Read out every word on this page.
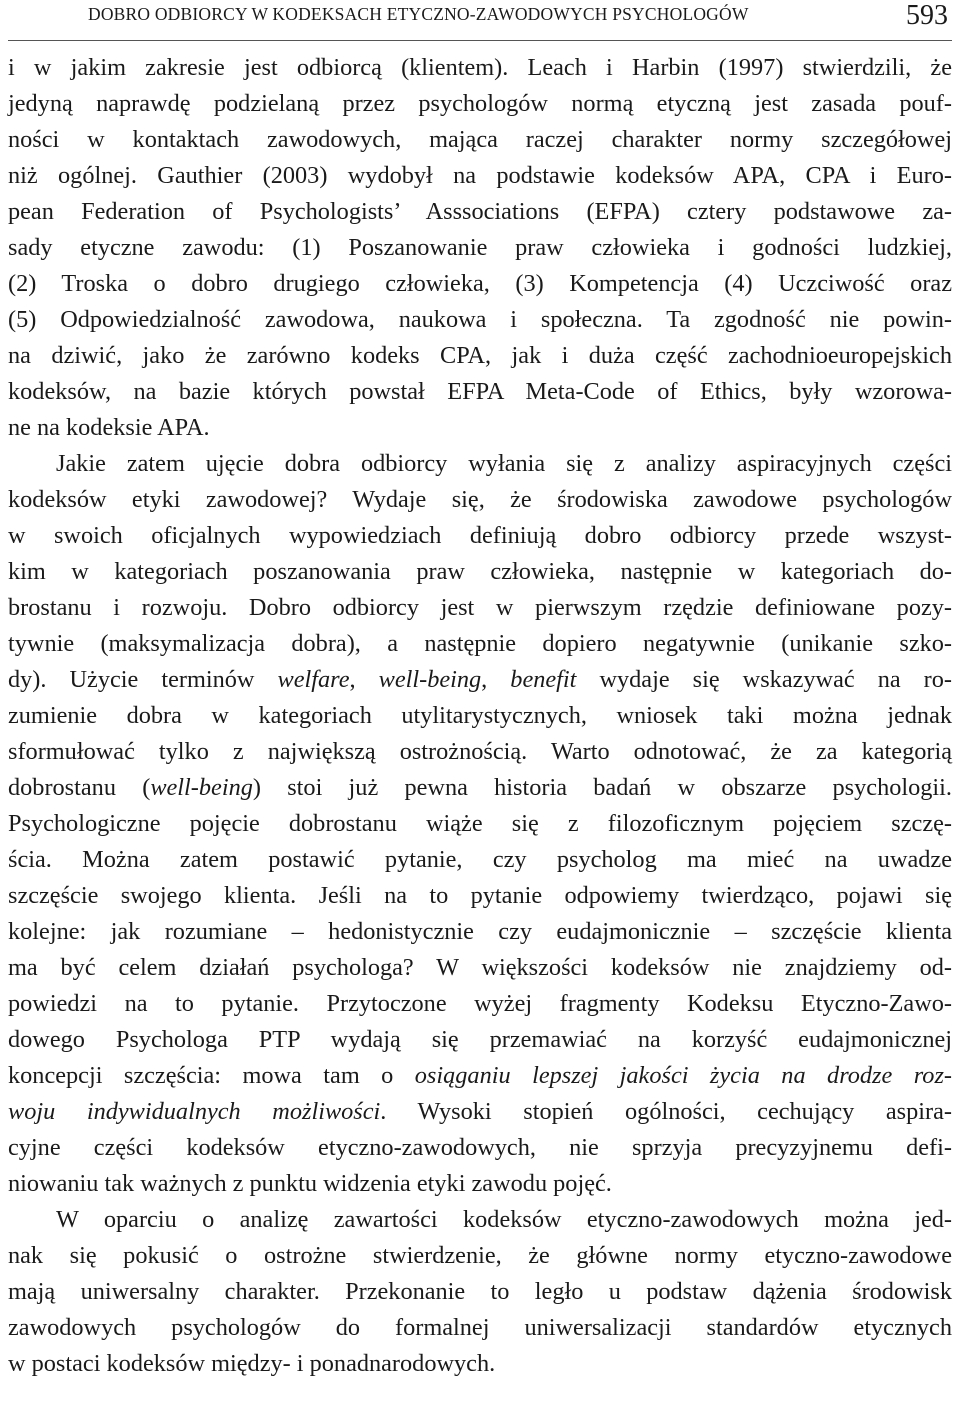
DOBRO ODBIORCY W KODEKSACH ETYCZNO-ZAWODOWYCH PSYCHOLOGÓW	593
i w jakim zakresie jest odbiorcą (klientem). Leach i Harbin (1997) stwierdzili, że
jedyną naprawdę podzielaną przez psychologów normą etyczną jest zasada pouf-
ności w kontaktach zawodowych, mająca raczej charakter normy szczegółowej
niż ogólnej. Gauthier (2003) wydobył na podstawie kodeksów APA, CPA i Euro-
pean Federation of Psychologists’ Asssociations (EFPA) cztery podstawowe za-
sady etyczne zawodu: (1) Poszanowanie praw człowieka i godności ludzkiej,
(2) Troska o dobro drugiego człowieka, (3) Kompetencja (4) Uczciwość oraz
(5) Odpowiedzialność zawodowa, naukowa i społeczna. Ta zgodność nie powin-
na dziwić, jako że zarówno kodeks CPA, jak i duża część zachodnioeuropejskich
kodeksów, na bazie których powstał EFPA Meta-Code of Ethics, były wzorowa-
ne na kodeksie APA.
Jakie zatem ujęcie dobra odbiorcy wyłania się z analizy aspiracyjnych części
kodeksów etyki zawodowej? Wydaje się, że środowiska zawodowe psychologów
w swoich oficjalnych wypowiedziach definiują dobro odbiorcy przede wszyst-
kim w kategoriach poszanowania praw człowieka, następnie w kategoriach do-
brostanu i rozwoju. Dobro odbiorcy jest w pierwszym rzędzie definiowane pozy-
tywnie (maksymalizacja dobra), a następnie dopiero negatywnie (unikanie szko-
dy). Użycie terminów welfare, well-being, benefit wydaje się wskazywać na ro-
zumienie dobra w kategoriach utylitarystycznych, wniosek taki można jednak
sformułować tylko z największą ostrożnością. Warto odnotować, że za kategorią
dobrostanu (well-being) stoi już pewna historia badań w obszarze psychologii.
Psychologiczne pojęcie dobrostanu wiąże się z filozoficznym pojęciem szczę-
ścia. Można zatem postawić pytanie, czy psycholog ma mieć na uwadze
szczęście swojego klienta. Jeśli na to pytanie odpowiemy twierdząco, pojawi się
kolejne: jak rozumiane – hedonistycznie czy eudajmonicznie – szczęście klienta
ma być celem działań psychologa? W większości kodeksów nie znajdziemy od-
powiedzi na to pytanie. Przytoczone wyżej fragmenty Kodeksu Etyczno-Zawo-
dowego Psychologa PTP wydają się przemawiać na korzyść eudajmonicznej
koncepcji szczęścia: mowa tam o osiąganiu lepszej jakości życia na drodze roz-
woju indywidualnych możliwości. Wysoki stopień ogólności, cechujący aspira-
cyjne części kodeksów etyczno-zawodowych, nie sprzyja precyzyjnemu defi-
niowaniu tak ważnych z punktu widzenia etyki zawodu pojęć.
W oparciu o analizę zawartości kodeksów etyczno-zawodowych można jed-
nak się pokusić o ostrożne stwierdzenie, że główne normy etyczno-zawodowe
mają uniwersalny charakter. Przekonanie to legło u podstaw dążenia środowisk
zawodowych psychologów do formalnej uniwersalizacji standardów etycznych
w postaci kodeksów między- i ponadnarodowych.
